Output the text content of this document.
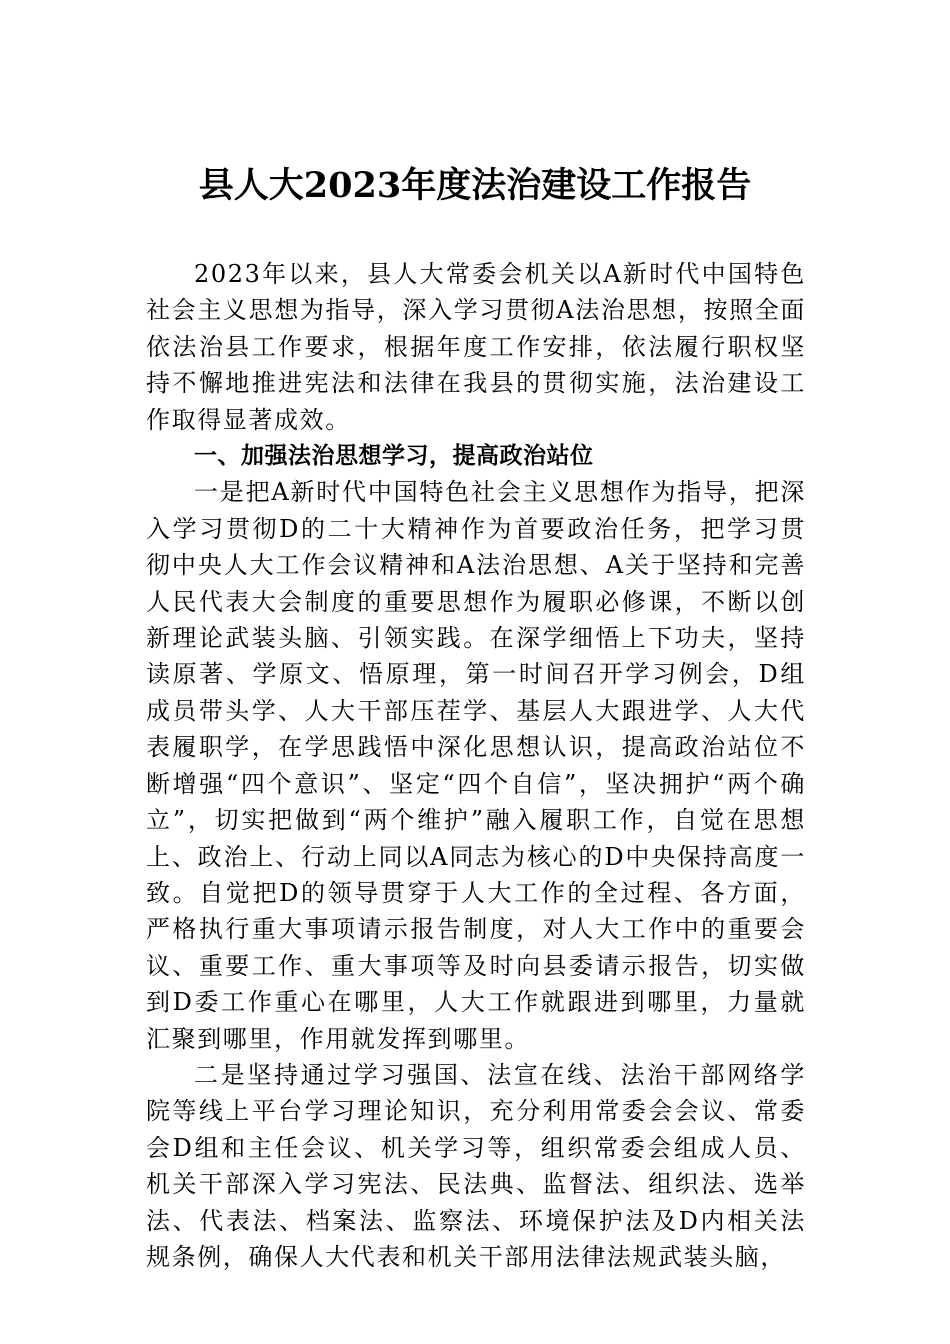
县人大2023年度法治建设工作报告

2023年以来，县人大常委会机关以A新时代中国特色社会主义思想为指导，深入学习贯彻A法治思想，按照全面依法治县工作要求，根据年度工作安排，依法履行职权坚持不懈地推进宪法和法律在我县的贯彻实施，法治建设工作取得显著成效。

一、加强法治思想学习，提高政治站位

一是把A新时代中国特色社会主义思想作为指导，把深入学习贯彻D的二十大精神作为首要政治任务，把学习贯彻中央人大工作会议精神和A法治思想、A关于坚持和完善人民代表大会制度的重要思想作为履职必修课，不断以创新理论武装头脑、引领实践。在深学细悟上下功夫，坚持读原著、学原文、悟原理，第一时间召开学习例会，D组成员带头学、人大干部压茬学、基层人大跟进学、人大代表履职学，在学思践悟中深化思想认识，提高政治站位不断增强“四个意识”、坚定“四个自信”，坚决拥护“两个确立”，切实把做到“两个维护”融入履职工作，自觉在思想上、政治上、行动上同以A同志为核心的D中央保持高度一致。自觉把D的领导贯穿于人大工作的全过程、各方面，严格执行重大事项请示报告制度，对人大工作中的重要会议、重要工作、重大事项等及时向县委请示报告，切实做到D委工作重心在哪里，人大工作就跟进到哪里，力量就汇聚到哪里，作用就发挥到哪里。

二是坚持通过学习强国、法宣在线、法治干部网络学院等线上平台学习理论知识，充分利用常委会会议、常委会D组和主任会议、机关学习等，组织常委会组成人员、机关干部深入学习宪法、民法典、监督法、组织法、选举法、代表法、档案法、监察法、环境保护法及D内相关法规条例，确保人大代表和机关干部用法律法规武装头脑，
